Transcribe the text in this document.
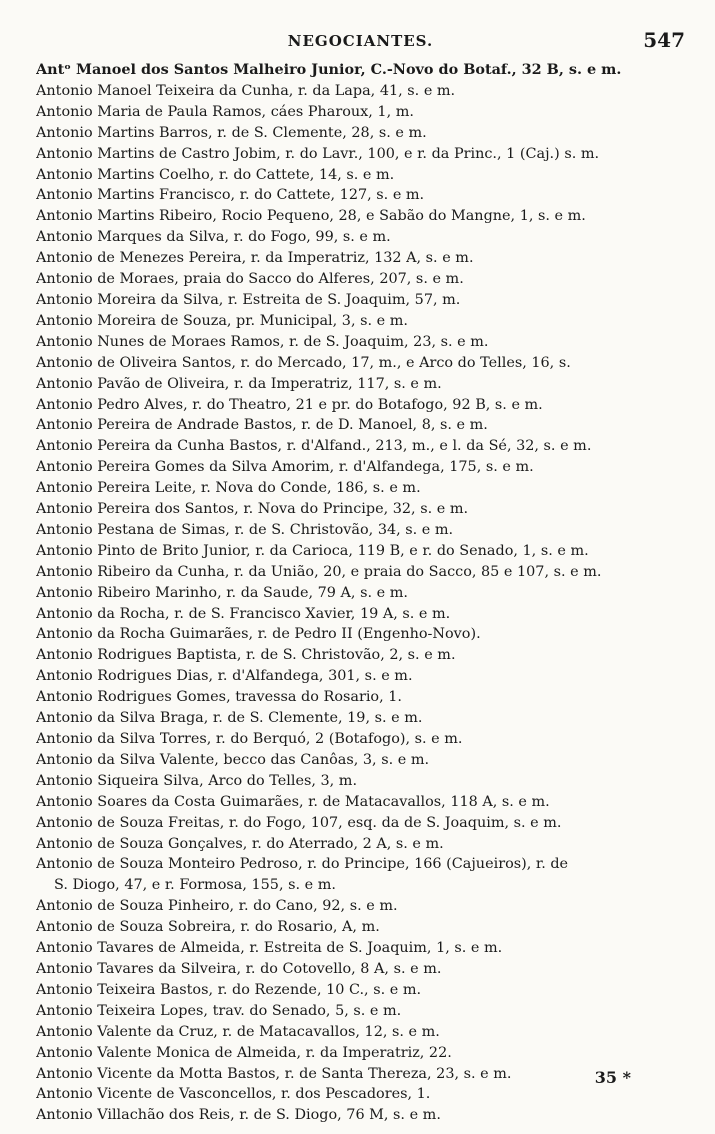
NEGOCIANTES.	547
Antᵒ Manoel dos Santos Malheiro Junior, C.-Novo do Botaf., 32 B, s. e m.
Antonio Manoel Teixeira da Cunha, r. da Lapa, 41, s. e m.
Antonio Maria de Paula Ramos, cáes Pharoux, 1, m.
Antonio Martins Barros, r. de S. Clemente, 28, s. e m.
Antonio Martins de Castro Jobim, r. do Lavr., 100, e r. da Princ., 1 (Caj.) s. m.
Antonio Martins Coelho, r. do Cattete, 14, s. e m.
Antonio Martins Francisco, r. do Cattete, 127, s. e m.
Antonio Martins Ribeiro, Rocio Pequeno, 28, e Sabão do Mangne, 1, s. e m.
Antonio Marques da Silva, r. do Fogo, 99, s. e m.
Antonio de Menezes Pereira, r. da Imperatriz, 132 A, s. e m.
Antonio de Moraes, praia do Sacco do Alferes, 207, s. e m.
Antonio Moreira da Silva, r. Estreita de S. Joaquim, 57, m.
Antonio Moreira de Souza, pr. Municipal, 3, s. e m.
Antonio Nunes de Moraes Ramos, r. de S. Joaquim, 23, s. e m.
Antonio de Oliveira Santos, r. do Mercado, 17, m., e Arco do Telles, 16, s.
Antonio Pavão de Oliveira, r. da Imperatriz, 117, s. e m.
Antonio Pedro Alves, r. do Theatro, 21 e pr. do Botafogo, 92 B, s. e m.
Antonio Pereira de Andrade Bastos, r. de D. Manoel, 8, s. e m.
Antonio Pereira da Cunha Bastos, r. d'Alfand., 213, m., e l. da Sé, 32, s. e m.
Antonio Pereira Gomes da Silva Amorim, r. d'Alfandega, 175, s. e m.
Antonio Pereira Leite, r. Nova do Conde, 186, s. e m.
Antonio Pereira dos Santos, r. Nova do Principe, 32, s. e m.
Antonio Pestana de Simas, r. de S. Christovão, 34, s. e m.
Antonio Pinto de Brito Junior, r. da Carioca, 119 B, e r. do Senado, 1, s. e m.
Antonio Ribeiro da Cunha, r. da União, 20, e praia do Sacco, 85 e 107, s. e m.
Antonio Ribeiro Marinho, r. da Saude, 79 A, s. e m.
Antonio da Rocha, r. de S. Francisco Xavier, 19 A, s. e m.
Antonio da Rocha Guimarães, r. de Pedro II (Engenho-Novo).
Antonio Rodrigues Baptista, r. de S. Christovão, 2, s. e m.
Antonio Rodrigues Dias, r. d'Alfandega, 301, s. e m.
Antonio Rodrigues Gomes, travessa do Rosario, 1.
Antonio da Silva Braga, r. de S. Clemente, 19, s. e m.
Antonio da Silva Torres, r. do Berquó, 2 (Botafogo), s. e m.
Antonio da Silva Valente, becco das Canôas, 3, s. e m.
Antonio Siqueira Silva, Arco do Telles, 3, m.
Antonio Soares da Costa Guimarães, r. de Matacavallos, 118 A, s. e m.
Antonio de Souza Freitas, r. do Fogo, 107, esq. da de S. Joaquim, s. e m.
Antonio de Souza Gonçalves, r. do Aterrado, 2 A, s. e m.
Antonio de Souza Monteiro Pedroso, r. do Principe, 166 (Cajueiros), r. de
S. Diogo, 47, e r. Formosa, 155, s. e m.
Antonio de Souza Pinheiro, r. do Cano, 92, s. e m.
Antonio de Souza Sobreira, r. do Rosario, A, m.
Antonio Tavares de Almeida, r. Estreita de S. Joaquim, 1, s. e m.
Antonio Tavares da Silveira, r. do Cotovello, 8 A, s. e m.
Antonio Teixeira Bastos, r. do Rezende, 10 C., s. e m.
Antonio Teixeira Lopes, trav. do Senado, 5, s. e m.
Antonio Valente da Cruz, r. de Matacavallos, 12, s. e m.
Antonio Valente Monica de Almeida, r. da Imperatriz, 22.
Antonio Vicente da Motta Bastos, r. de Santa Thereza, 23, s. e m.
Antonio Vicente de Vasconcellos, r. dos Pescadores, 1.
Antonio Villachão dos Reis, r. de S. Diogo, 76 M, s. e m.
35 *
